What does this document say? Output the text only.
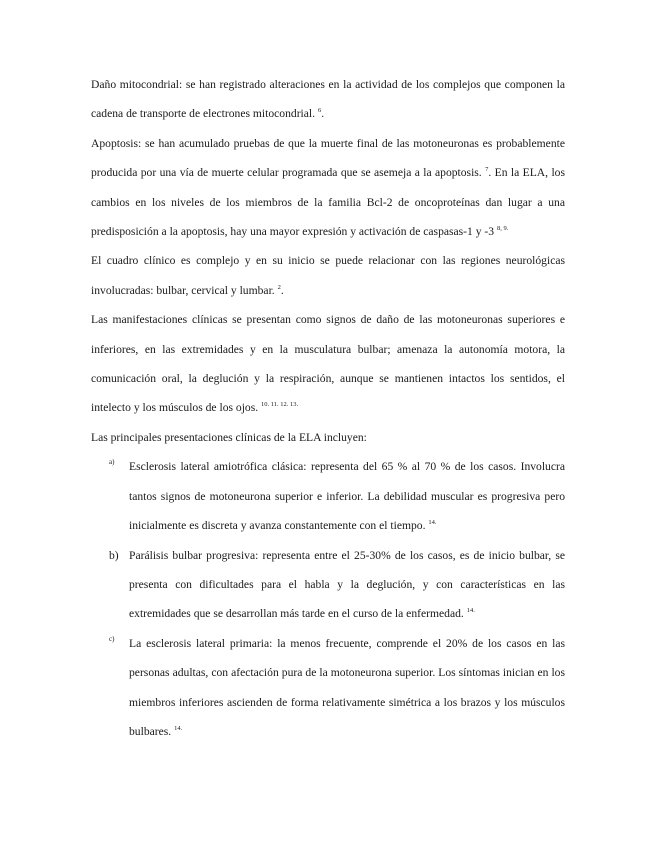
Daño mitocondrial: se han registrado alteraciones en la actividad de los complejos que componen la cadena de transporte de electrones mitocondrial. $^6$.

Apoptosis: se han acumulado pruebas de que la muerte final de las motoneuronas es probablemente producida por una vía de muerte celular programada que se asemeja a la apoptosis. $^7$. En la ELA, los cambios en los niveles de los miembros de la familia Bcl-2 de oncoproteínas dan lugar a una predisposición a la apoptosis, hay una mayor expresión y activación de caspasas-1 y -3 $^{8, 9.}$

El cuadro clínico es complejo y en su inicio se puede relacionar con las regiones neurológicas involucradas: bulbar, cervical y lumbar. $^2$.

Las manifestaciones clínicas se presentan como signos de daño de las motoneuronas superiores e inferiores, en las extremidades y en la musculatura bulbar; amenaza la autonomía motora, la comunicación oral, la deglución y la respiración, aunque se mantienen intactos los sentidos, el intelecto y los músculos de los ojos. $^{10. 11. 12. 13.}$

Las principales presentaciones clínicas de la ELA incluyen:

a) Esclerosis lateral amiotrófica clásica: representa del 65 % al 70 % de los casos. Involucra tantos signos de motoneurona superior e inferior. La debilidad muscular es progresiva pero inicialmente es discreta y avanza constantemente con el tiempo. $^{14.}$
b) Parálisis bulbar progresiva: representa entre el 25-30% de los casos, es de inicio bulbar, se presenta con dificultades para el habla y la deglución, y con características en las extremidades que se desarrollan más tarde en el curso de la enfermedad. $^{14.}$
c) La esclerosis lateral primaria: la menos frecuente, comprende el 20% de los casos en las personas adultas, con afectación pura de la motoneurona superior. Los síntomas inician en los miembros inferiores ascienden de forma relativamente simétrica a los brazos y los músculos bulbares. $^{14.}$
